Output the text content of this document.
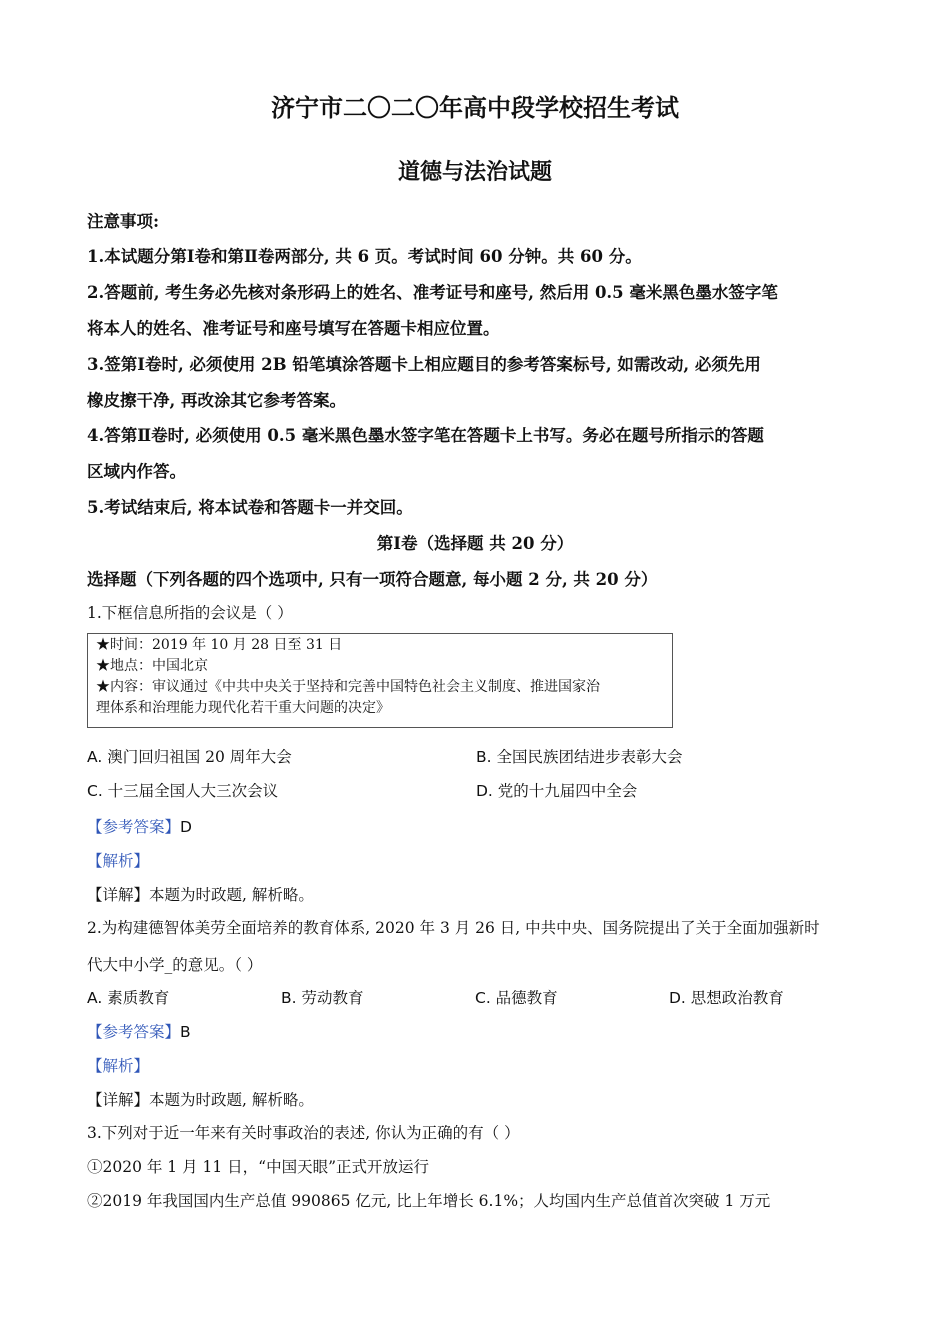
济宁市二〇二〇年高中段学校招生考试
道德与法治试题
注意事项:
1.本试题分第Ⅰ卷和第Ⅱ卷两部分, 共 6 页。考试时间 60 分钟。共 60 分。
2.答题前, 考生务必先核对条形码上的姓名、准考证号和座号, 然后用 0.5 毫米黑色墨水签字笔
将本人的姓名、准考证号和座号填写在答题卡相应位置。
3.签第Ⅰ卷时, 必须使用 2B 铅笔填涂答题卡上相应题目的参考答案标号, 如需改动, 必须先用
橡皮擦干净, 再改涂其它参考答案。
4.答第Ⅱ卷时, 必须使用 0.5 毫米黑色墨水签字笔在答题卡上书写。务必在题号所指示的答题
区域内作答。
5.考试结束后, 将本试卷和答题卡一并交回。
第Ⅰ卷（选择题 共 20 分）
选择题（下列各题的四个选项中, 只有一项符合题意, 每小题 2 分, 共 20 分）
1.下框信息所指的会议是（ ）
★时间：2019 年 10 月 28 日至 31 日
★地点：中国北京
★内容：审议通过《中共中央关于坚持和完善中国特色社会主义制度、推进国家治
理体系和治理能力现代化若干重大问题的决定》
A. 澳门回归祖国 20 周年大会	B. 全国民族团结进步表彰大会
C. 十三届全国人大三次会议	D. 党的十九届四中全会
【参考答案】D
【解析】
【详解】本题为时政题, 解析略。
2.为构建德智体美劳全面培养的教育体系, 2020 年 3 月 26 日, 中共中央、国务院提出了关于全面加强新时
代大中小学_的意见。（ ）
A. 素质教育	B. 劳动教育	C. 品德教育	D. 思想政治教育
【参考答案】B
【解析】
【详解】本题为时政题, 解析略。
3.下列对于近一年来有关时事政治的表述, 你认为正确的有（ ）
①2020 年 1 月 11 日，“中国天眼”正式开放运行
②2019 年我国国内生产总值 990865 亿元, 比上年增长 6.1%；人均国内生产总值首次突破 1 万元
